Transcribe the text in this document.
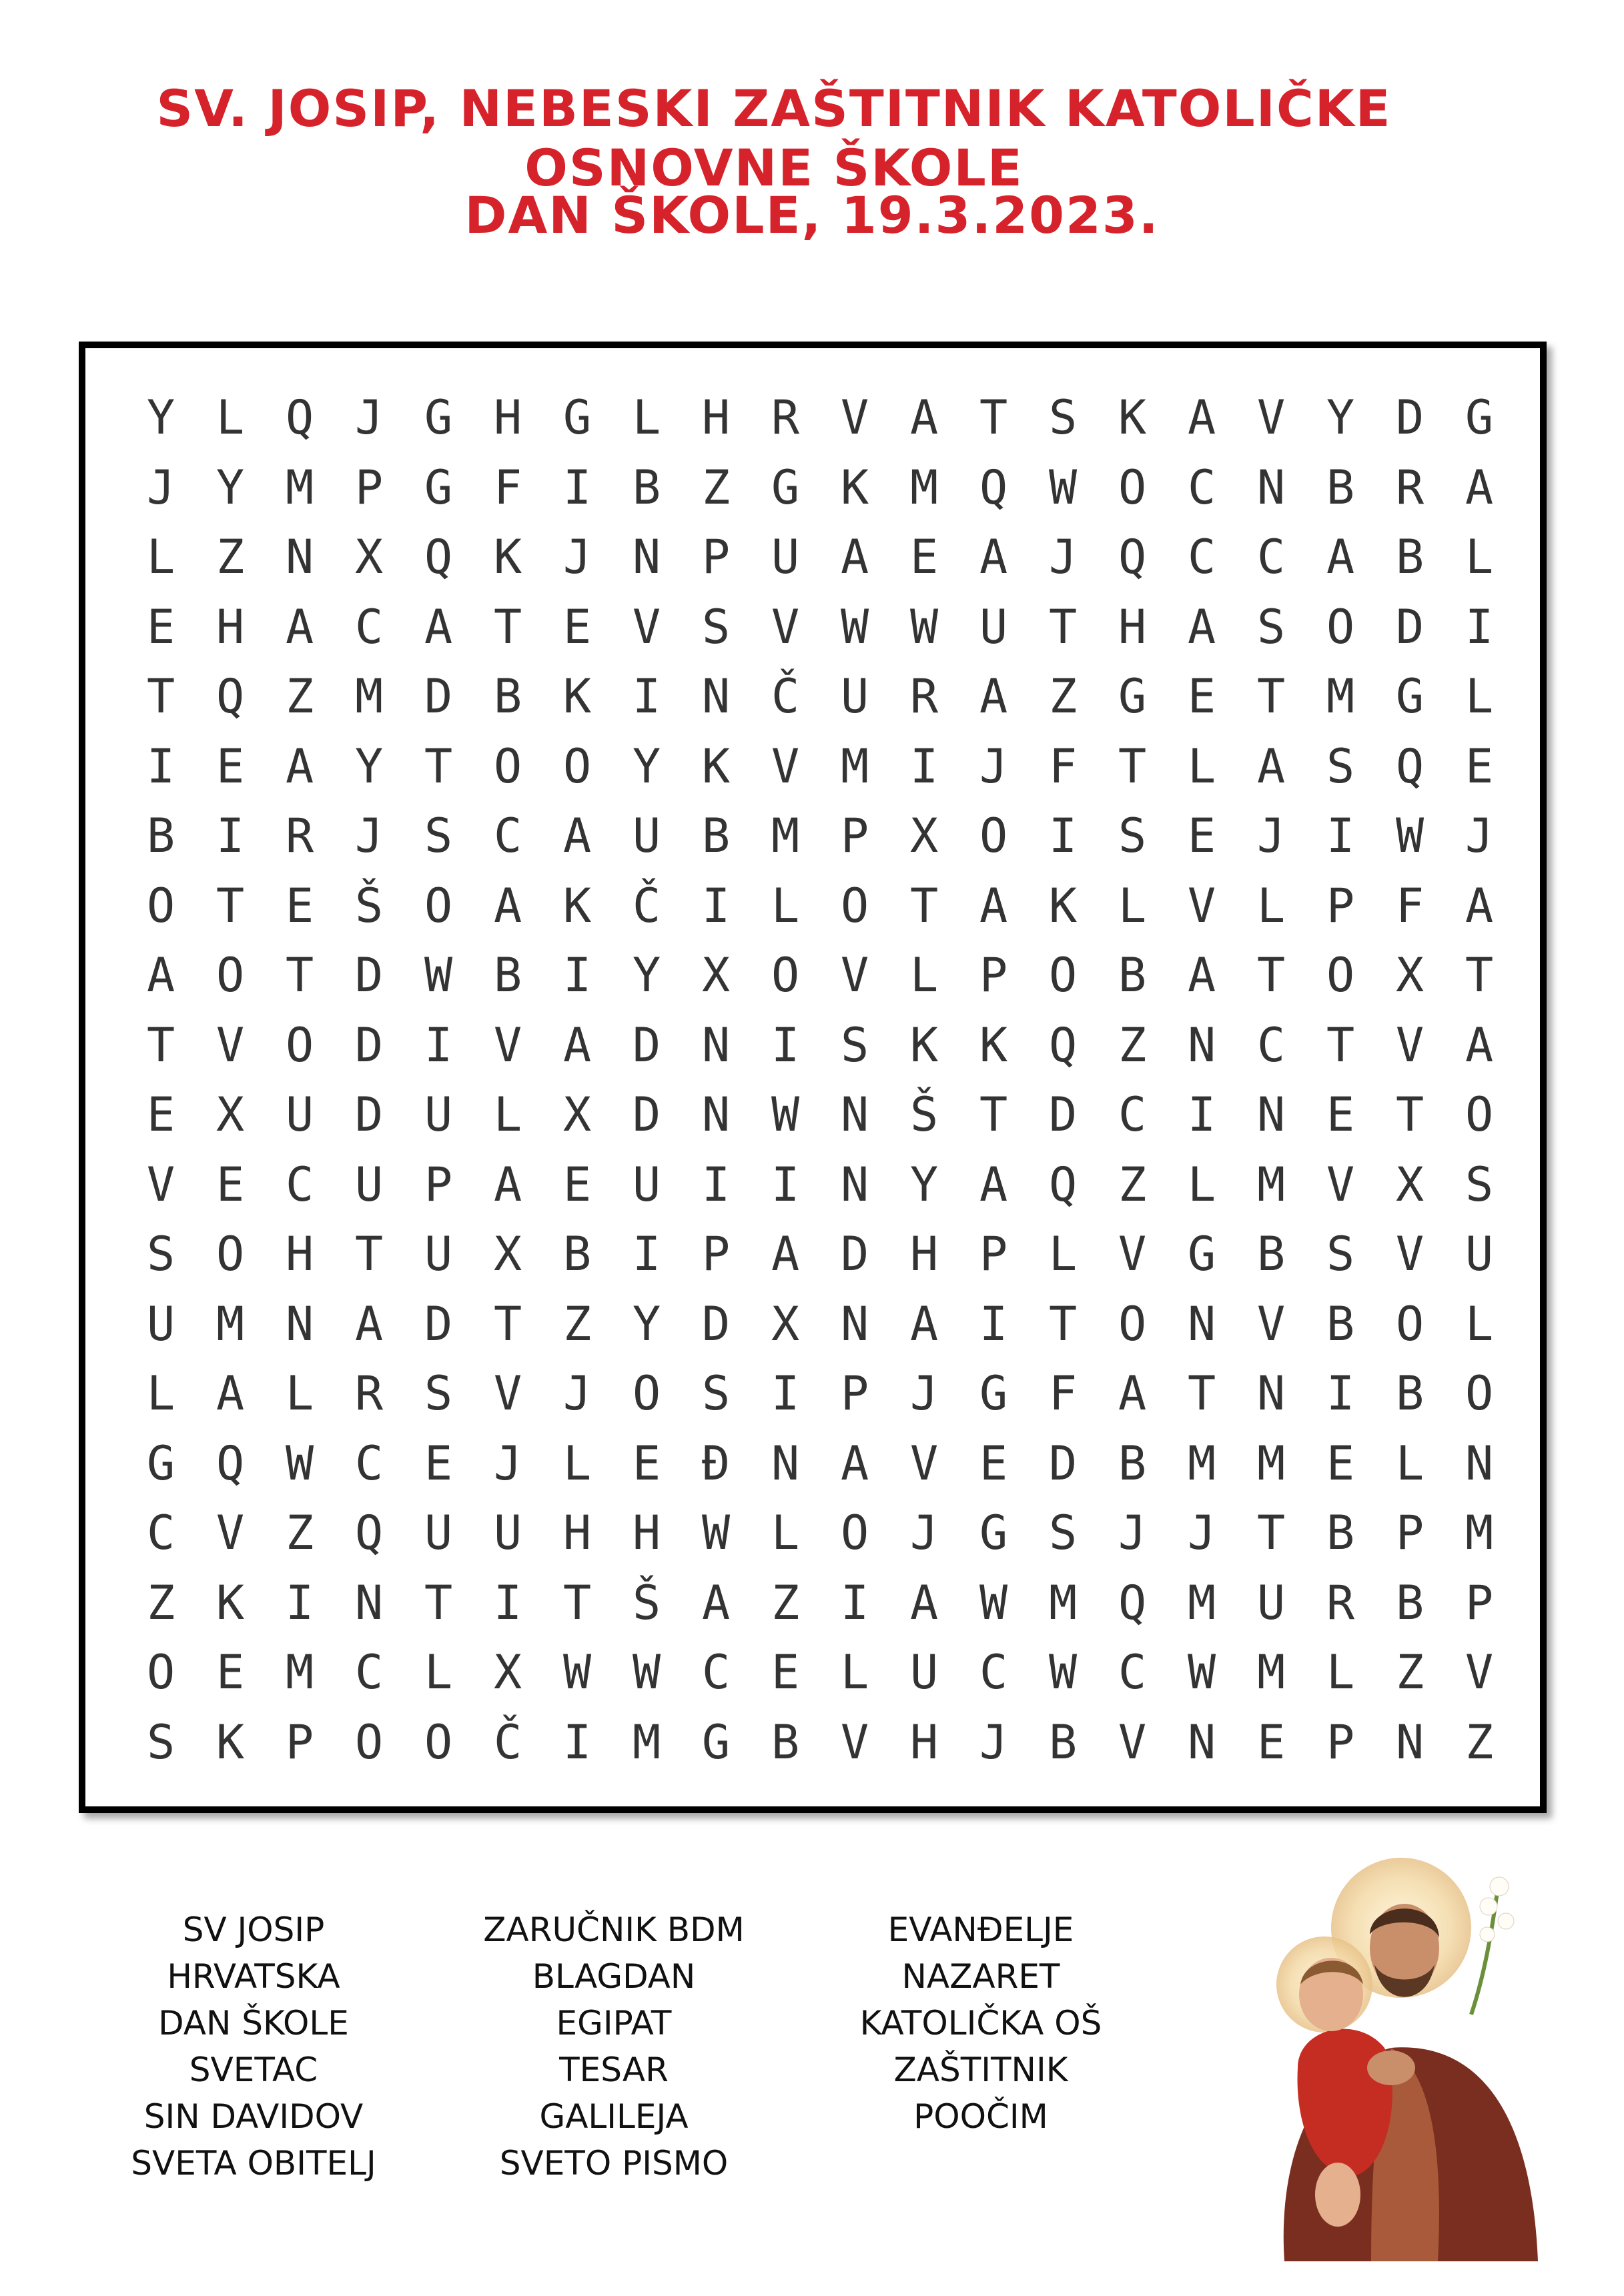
SV. JOSIP, NEBESKI ZAŠTITNIK KATOLIČKE OSNOVNE ŠKOLE
DAN ŠKOLE, 19.3.2023.
Y L Q J G H G L H R V A T S K A V Y D G
J Y M P G F I B Z G K M Q W O C N B R A
L Z N X Q K J N P U A E A J Q C C A B L
E H A C A T E V S V W W U T H A S O D I
T Q Z M D B K I N Č U R A Z G E T M G L
I E A Y T O O Y K V M I J F T L A S Q E
B I R J S C A U B M P X O I S E J I W J
O T E Š O A K Č I L O T A K L V L P F A
A O T D W B I Y X O V L P O B A T O X T
T V O D I V A D N I S K K Q Z N C T V A
E X U D U L X D N W N Š T D C I N E T O
V E C U P A E U I I N Y A Q Z L M V X S
S O H T U X B I P A D H P L V G B S V U
U M N A D T Z Y D X N A I T O N V B O L
L A L R S V J O S I P J G F A T N I B O
G Q W C E J L E Đ N A V E D B M M E L N
C V Z Q U U H H W L O J G S J J T B P M
Z K I N T I T Š A Z I A W M Q M U R B P
O E M C L X W W C E L U C W C W M L Z V
S K P O O Č I M G B V H J B V N E P N Z
SV JOSIP
HRVATSKA
DAN ŠKOLE
SVETAC
SIN DAVIDOV
SVETA OBITELJ
ZARUČNIK BDM
BLAGDAN
EGIPAT
TESAR
GALILEJA
SVETO PISMO
EVANĐELJE
NAZARET
KATOLIČKA OŠ
ZAŠTITNIK
POOČIM
